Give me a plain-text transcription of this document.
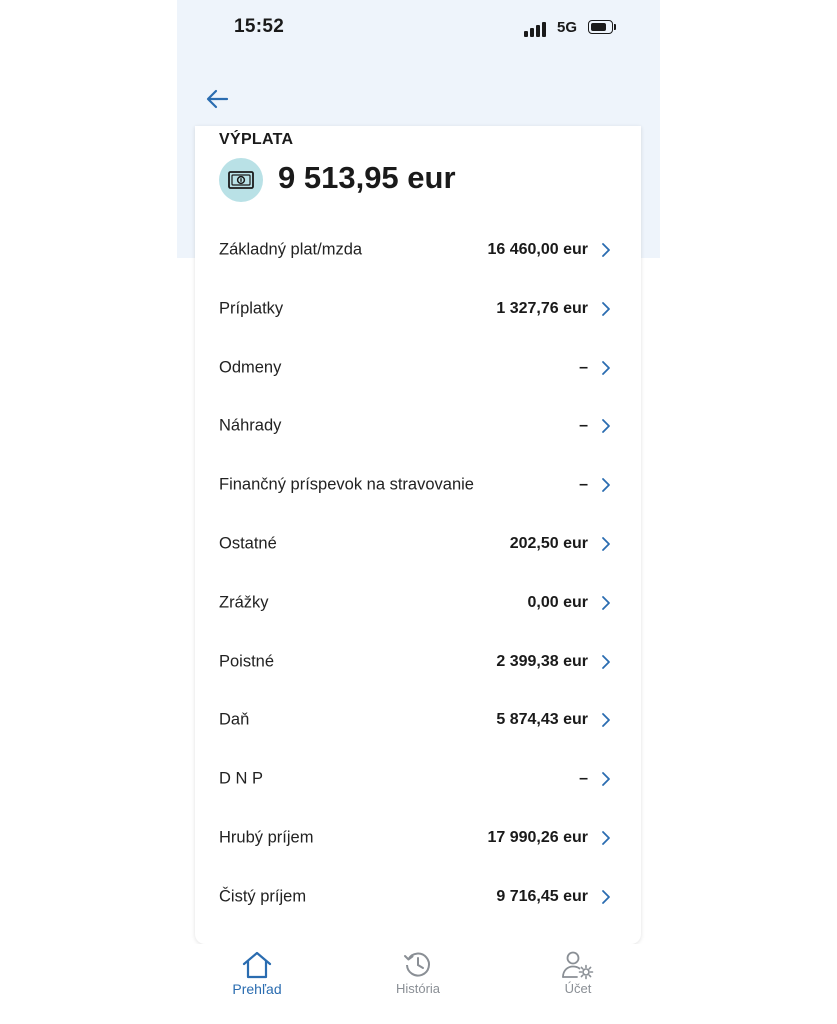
15:52	5G
VÝPLATA
9 513,95 eur
Základný plat/mzda	16 460,00 eur
Príplatky	1 327,76 eur
Odmeny	–
Náhrady	–
Finančný príspevok na stravovanie	–
Ostatné	202,50 eur
Zrážky	0,00 eur
Poistné	2 399,38 eur
Daň	5 874,43 eur
D N P	–
Hrubý príjem	17 990,26 eur
Čistý príjem	9 716,45 eur
Prehľad	História	Účet
